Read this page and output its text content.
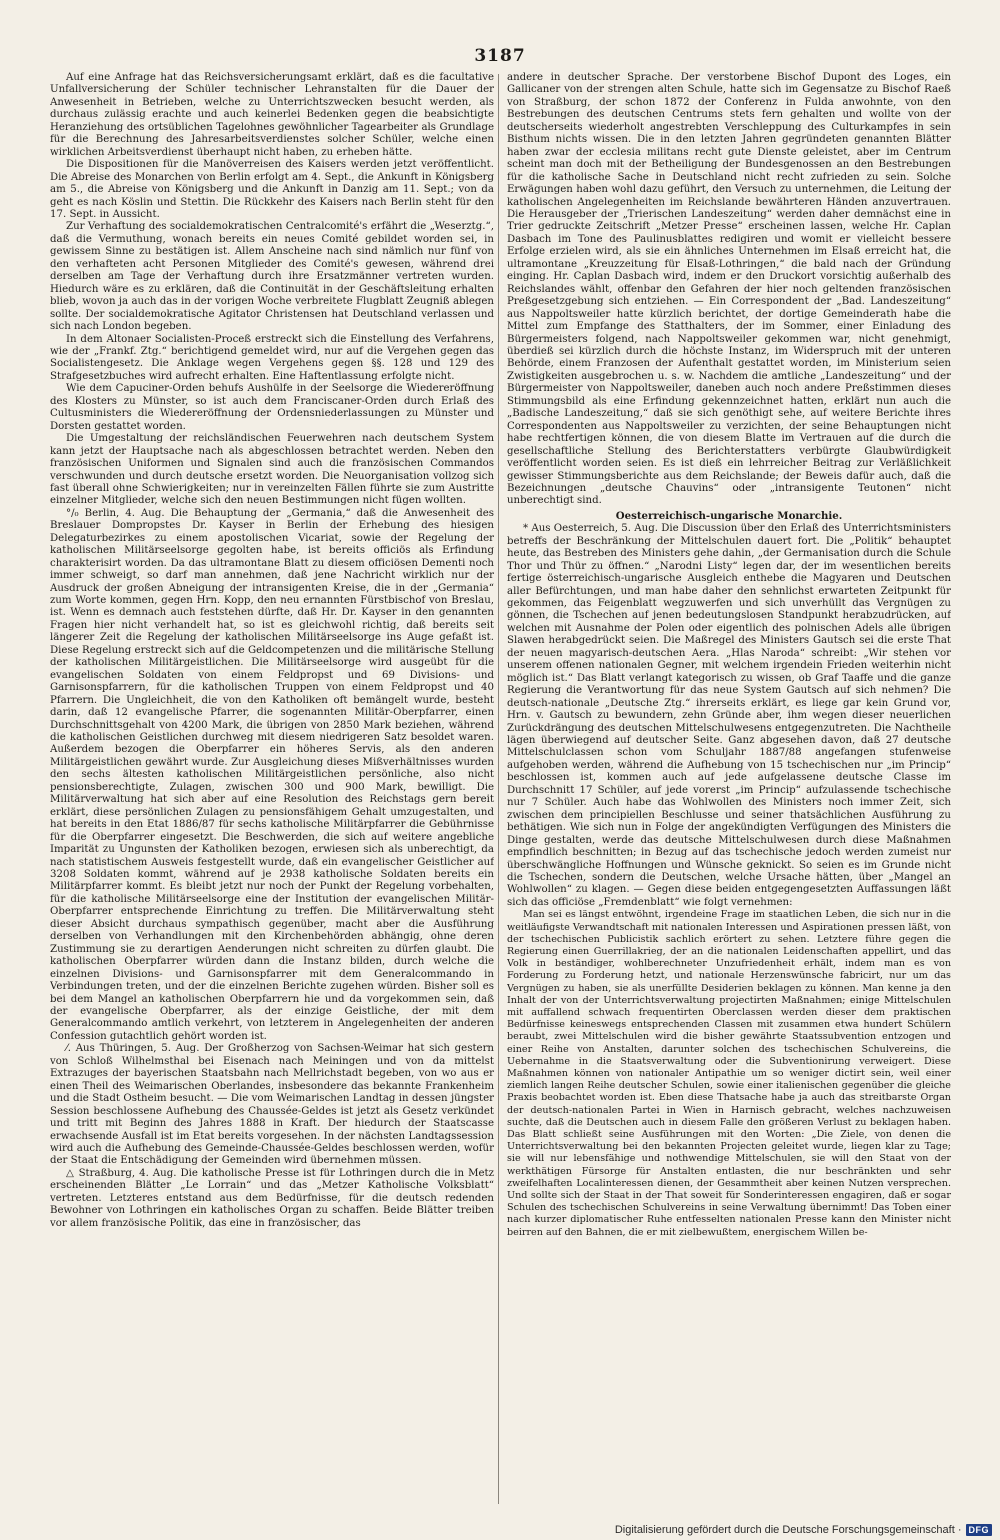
3187

Auf eine Anfrage hat das Reichsversicherungsamt erklärt, daß es die facultative Unfallversicherung der Schüler technischer Lehranstalten für die Dauer der Anwesenheit in Betrieben, welche zu Unterrichtszwecken besucht werden, als durchaus zulässig erachte und auch keinerlei Bedenken gegen die beabsichtigte Heranziehung des ortsüblichen Tagelohnes gewöhnlicher Tagearbeiter als Grundlage für die Berechnung des Jahresarbeitsverdienstes solcher Schüler, welche einen wirklichen Arbeitsverdienst überhaupt nicht haben, zu erheben hätte.

Die Dispositionen für die Manöverreisen des Kaisers werden jetzt veröffentlicht. Die Abreise des Monarchen von Berlin erfolgt am 4. Sept., die Ankunft in Königsberg am 5., die Abreise von Königsberg und die Ankunft in Danzig am 11. Sept.; von da geht es nach Köslin und Stettin. Die Rückkehr des Kaisers nach Berlin steht für den 17. Sept. in Aussicht.

Zur Verhaftung des socialdemokratischen Centralcomité's erfährt die „Weserztg.“, daß die Vermuthung, wonach bereits ein neues Comité gebildet worden sei, in gewissem Sinne zu bestätigen ist. Allem Anscheine nach sind nämlich nur fünf von den verhafteten acht Personen Mitglieder des Comité's gewesen, während drei derselben am Tage der Verhaftung durch ihre Ersatzmänner vertreten wurden. Hiedurch wäre es zu erklären, daß die Continuität in der Geschäftsleitung erhalten blieb, wovon ja auch das in der vorigen Woche verbreitete Flugblatt Zeugniß ablegen sollte. Der socialdemokratische Agitator Christensen hat Deutschland verlassen und sich nach London begeben.

In dem Altonaer Socialisten-Proceß erstreckt sich die Einstellung des Verfahrens, wie der „Frankf. Ztg.“ berichtigend gemeldet wird, nur auf die Vergehen gegen das Socialistengesetz. Die Anklage wegen Vergehens gegen §§. 128 und 129 des Strafgesetzbuches wird aufrecht erhalten. Eine Haftentlassung erfolgte nicht.

Wie dem Capuciner-Orden behufs Aushülfe in der Seelsorge die Wiedereröffnung des Klosters zu Münster, so ist auch dem Franciscaner-Orden durch Erlaß des Cultusministers die Wiedereröffnung der Ordensniederlassungen zu Münster und Dorsten gestattet worden.

Die Umgestaltung der reichsländischen Feuerwehren nach deutschem System kann jetzt der Hauptsache nach als abgeschlossen betrachtet werden. Neben den französischen Uniformen und Signalen sind auch die französischen Commandos verschwunden und durch deutsche ersetzt worden. Die Neuorganisation vollzog sich fast überall ohne Schwierigkeiten; nur in vereinzelten Fällen führte sie zum Austritte einzelner Mitglieder, welche sich den neuen Bestimmungen nicht fügen wollten.

°/₀ Berlin, 4. Aug. Die Behauptung der „Germania,“ daß die Anwesenheit des Breslauer Dompropstes Dr. Kayser in Berlin der Erhebung des hiesigen Delegaturbezirkes zu einem apostolischen Vicariat, sowie der Regelung der katholischen Militärseelsorge gegolten habe, ist bereits officiös als Erfindung charakterisirt worden. Da das ultramontane Blatt zu diesem officiösen Dementi noch immer schweigt, so darf man annehmen, daß jene Nachricht wirklich nur der Ausdruck der großen Abneigung der intransigenten Kreise, die in der „Germania“ zum Worte kommen, gegen Hrn. Kopp, den neu ernannten Fürstbischof von Breslau, ist. Wenn es demnach auch feststehen dürfte, daß Hr. Dr. Kayser in den genannten Fragen hier nicht verhandelt hat, so ist es gleichwohl richtig, daß bereits seit längerer Zeit die Regelung der katholischen Militärseelsorge ins Auge gefaßt ist. Diese Regelung erstreckt sich auf die Geldcompetenzen und die militärische Stellung der katholischen Militärgeistlichen. Die Militärseelsorge wird ausgeübt für die evangelischen Soldaten von einem Feldpropst und 69 Divisions- und Garnisonspfarrern, für die katholischen Truppen von einem Feldpropst und 40 Pfarrern. Die Ungleichheit, die von den Katholiken oft bemängelt wurde, besteht darin, daß 12 evangelische Pfarrer, die sogenannten Militär-Oberpfarrer, einen Durchschnittsgehalt von 4200 Mark, die übrigen von 2850 Mark beziehen, während die katholischen Geistlichen durchweg mit diesem niedrigeren Satz besoldet waren. Außerdem bezogen die Oberpfarrer ein höheres Servis, als den anderen Militärgeistlichen gewährt wurde. Zur Ausgleichung dieses Mißverhältnisses wurden den sechs ältesten katholischen Militärgeistlichen persönliche, also nicht pensionsberechtigte, Zulagen, zwischen 300 und 900 Mark, bewilligt. Die Militärverwaltung hat sich aber auf eine Resolution des Reichstags gern bereit erklärt, diese persönlichen Zulagen zu pensionsfähigem Gehalt umzugestalten, und hat bereits in den Etat 1886/87 für sechs katholische Militärpfarrer die Gebührnisse für die Oberpfarrer eingesetzt. Die Beschwerden, die sich auf weitere angebliche Imparität zu Ungunsten der Katholiken bezogen, erwiesen sich als unberechtigt, da nach statistischem Ausweis festgestellt wurde, daß ein evangelischer Geistlicher auf 3208 Soldaten kommt, während auf je 2938 katholische Soldaten bereits ein Militärpfarrer kommt. Es bleibt jetzt nur noch der Punkt der Regelung vorbehalten, für die katholische Militärseelsorge eine der Institution der evangelischen Militär-Oberpfarrer entsprechende Einrichtung zu treffen. Die Militärverwaltung steht dieser Absicht durchaus sympathisch gegenüber, macht aber die Ausführung derselben von Verhandlungen mit den Kirchenbehörden abhängig, ohne deren Zustimmung sie zu derartigen Aenderungen nicht schreiten zu dürfen glaubt. Die katholischen Oberpfarrer würden dann die Instanz bilden, durch welche die einzelnen Divisions- und Garnisonspfarrer mit dem Generalcommando in Verbindungen treten, und der die einzelnen Berichte zugehen würden. Bisher soll es bei dem Mangel an katholischen Oberpfarrern hie und da vorgekommen sein, daß der evangelische Oberpfarrer, als der einzige Geistliche, der mit dem Generalcommando amtlich verkehrt, von letzterem in Angelegenheiten der anderen Confession gutachtlich gehört worden ist.

⁄. Aus Thüringen, 5. Aug. Der Großherzog von Sachsen-Weimar hat sich gestern von Schloß Wilhelmsthal bei Eisenach nach Meiningen und von da mittelst Extrazuges der bayerischen Staatsbahn nach Mellrichstadt begeben, von wo aus er einen Theil des Weimarischen Oberlandes, insbesondere das bekannte Frankenheim und die Stadt Ostheim besucht. — Die vom Weimarischen Landtag in dessen jüngster Session beschlossene Aufhebung des Chaussée-Geldes ist jetzt als Gesetz verkündet und tritt mit Beginn des Jahres 1888 in Kraft. Der hiedurch der Staatscasse erwachsende Ausfall ist im Etat bereits vorgesehen. In der nächsten Landtagssession wird auch die Aufhebung des Gemeinde-Chaussée-Geldes beschlossen werden, wofür der Staat die Entschädigung der Gemeinden wird übernehmen müssen.

△ Straßburg, 4. Aug. Die katholische Presse ist für Lothringen durch die in Metz erscheinenden Blätter „Le Lorrain“ und das „Metzer Katholische Volksblatt“ vertreten. Letzteres entstand aus dem Bedürfnisse, für die deutsch redenden Bewohner von Lothringen ein katholisches Organ zu schaffen. Beide Blätter treiben vor allem französische Politik, das eine in französischer, das

andere in deutscher Sprache. Der verstorbene Bischof Dupont des Loges, ein Gallicaner von der strengen alten Schule, hatte sich im Gegensatze zu Bischof Raeß von Straßburg, der schon 1872 der Conferenz in Fulda anwohnte, von den Bestrebungen des deutschen Centrums stets fern gehalten und wollte von der deutscherseits wiederholt angestrebten Verschleppung des Culturkampfes in sein Bisthum nichts wissen. Die in den letzten Jahren gegründeten genannten Blätter haben zwar der ecclesia militans recht gute Dienste geleistet, aber im Centrum scheint man doch mit der Betheiligung der Bundesgenossen an den Bestrebungen für die katholische Sache in Deutschland nicht recht zufrieden zu sein. Solche Erwägungen haben wohl dazu geführt, den Versuch zu unternehmen, die Leitung der katholischen Angelegenheiten im Reichslande bewährteren Händen anzuvertrauen. Die Herausgeber der „Trierischen Landeszeitung“ werden daher demnächst eine in Trier gedruckte Zeitschrift „Metzer Presse“ erscheinen lassen, welche Hr. Caplan Dasbach im Tone des Paulinusblattes redigiren und womit er vielleicht bessere Erfolge erzielen wird, als sie ein ähnliches Unternehmen im Elsaß erreicht hat, die ultramontane „Kreuzzeitung für Elsaß-Lothringen,“ die bald nach der Gründung einging. Hr. Caplan Dasbach wird, indem er den Druckort vorsichtig außerhalb des Reichslandes wählt, offenbar den Gefahren der hier noch geltenden französischen Preßgesetzgebung sich entziehen. — Ein Correspondent der „Bad. Landeszeitung“ aus Nappoltsweiler hatte kürzlich berichtet, der dortige Gemeinderath habe die Mittel zum Empfange des Statthalters, der im Sommer, einer Einladung des Bürgermeisters folgend, nach Nappoltsweiler gekommen war, nicht genehmigt, überdieß sei kürzlich durch die höchste Instanz, im Widerspruch mit der unteren Behörde, einem Franzosen der Aufenthalt gestattet worden, im Ministerium seien Zwistigkeiten ausgebrochen u. s. w. Nachdem die amtliche „Landeszeitung“ und der Bürgermeister von Nappoltsweiler, daneben auch noch andere Preßstimmen dieses Stimmungsbild als eine Erfindung gekennzeichnet hatten, erklärt nun auch die „Badische Landeszeitung,“ daß sie sich genöthigt sehe, auf weitere Berichte ihres Correspondenten aus Nappoltsweiler zu verzichten, der seine Behauptungen nicht habe rechtfertigen können, die von diesem Blatte im Vertrauen auf die durch die gesellschaftliche Stellung des Berichterstatters verbürgte Glaubwürdigkeit veröffentlicht worden seien. Es ist dieß ein lehrreicher Beitrag zur Verläßlichkeit gewisser Stimmungsberichte aus dem Reichslande; der Beweis dafür auch, daß die Bezeichnungen „deutsche Chauvins“ oder „intransigente Teutonen“ nicht unberechtigt sind.

Oesterreichisch-ungarische Monarchie.

* Aus Oesterreich, 5. Aug. Die Discussion über den Erlaß des Unterrichtsministers betreffs der Beschränkung der Mittelschulen dauert fort. Die „Politik“ behauptet heute, das Bestreben des Ministers gehe dahin, „der Germanisation durch die Schule Thor und Thür zu öffnen.“ „Narodni Listy“ legen dar, der im wesentlichen bereits fertige österreichisch-ungarische Ausgleich enthebe die Magyaren und Deutschen aller Befürchtungen, und man habe daher den sehnlichst erwarteten Zeitpunkt für gekommen, das Feigenblatt wegzuwerfen und sich unverhüllt das Vergnügen zu gönnen, die Tschechen auf jenen bedeutungslosen Standpunkt herabzudrücken, auf welchen mit Ausnahme der Polen oder eigentlich des polnischen Adels alle übrigen Slawen herabgedrückt seien. Die Maßregel des Ministers Gautsch sei die erste That der neuen magyarisch-deutschen Aera. „Hlas Naroda“ schreibt: „Wir stehen vor unserem offenen nationalen Gegner, mit welchem irgendein Frieden weiterhin nicht möglich ist.“ Das Blatt verlangt kategorisch zu wissen, ob Graf Taaffe und die ganze Regierung die Verantwortung für das neue System Gautsch auf sich nehmen? Die deutsch-nationale „Deutsche Ztg.“ ihrerseits erklärt, es liege gar kein Grund vor, Hrn. v. Gautsch zu bewundern, zehn Gründe aber, ihm wegen dieser neuerlichen Zurückdrängung des deutschen Mittelschulwesens entgegenzutreten. Die Nachtheile lägen überwiegend auf deutscher Seite. Ganz abgesehen davon, daß 27 deutsche Mittelschulclassen schon vom Schuljahr 1887/88 angefangen stufenweise aufgehoben werden, während die Aufhebung von 15 tschechischen nur „im Princip“ beschlossen ist, kommen auch auf jede aufgelassene deutsche Classe im Durchschnitt 17 Schüler, auf jede vorerst „im Princip“ aufzulassende tschechische nur 7 Schüler. Auch habe das Wohlwollen des Ministers noch immer Zeit, sich zwischen dem principiellen Beschlusse und seiner thatsächlichen Ausführung zu bethätigen. Wie sich nun in Folge der angekündigten Verfügungen des Ministers die Dinge gestalten, werde das deutsche Mittelschulwesen durch diese Maßnahmen empfindlich beschnitten; in Bezug auf das tschechische jedoch werden zumeist nur überschwängliche Hoffnungen und Wünsche geknickt. So seien es im Grunde nicht die Tschechen, sondern die Deutschen, welche Ursache hätten, über „Mangel an Wohlwollen“ zu klagen. — Gegen diese beiden entgegengesetzten Auffassungen läßt sich das officiöse „Fremdenblatt“ wie folgt vernehmen:

Man sei es längst entwöhnt, irgendeine Frage im staatlichen Leben, die sich nur in die weitläufigste Verwandtschaft mit nationalen Interessen und Aspirationen pressen läßt, von der tschechischen Publicistik sachlich erörtert zu sehen. Letztere führe gegen die Regierung einen Guerrillakrieg, der an die nationalen Leidenschaften appellirt, und das Volk in beständiger, wohlberechneter Unzufriedenheit erhält, indem man es von Forderung zu Forderung hetzt, und nationale Herzenswünsche fabricirt, nur um das Vergnügen zu haben, sie als unerfüllte Desiderien beklagen zu können. Man kenne ja den Inhalt der von der Unterrichtsverwaltung projectirten Maßnahmen; einige Mittelschulen mit auffallend schwach frequentirten Oberclassen werden dieser dem praktischen Bedürfnisse keineswegs entsprechenden Classen mit zusammen etwa hundert Schülern beraubt, zwei Mittelschulen wird die bisher gewährte Staatssubvention entzogen und einer Reihe von Anstalten, darunter solchen des tschechischen Schulvereins, die Uebernahme in die Staatsverwaltung oder die Subventionirung verweigert. Diese Maßnahmen können von nationaler Antipathie um so weniger dictirt sein, weil einer ziemlich langen Reihe deutscher Schulen, sowie einer italienischen gegenüber die gleiche Praxis beobachtet worden ist. Eben diese Thatsache habe ja auch das streitbarste Organ der deutsch-nationalen Partei in Wien in Harnisch gebracht, welches nachzuweisen suchte, daß die Deutschen auch in diesem Falle den größeren Verlust zu beklagen haben. Das Blatt schließt seine Ausführungen mit den Worten: „Die Ziele, von denen die Unterrichtsverwaltung bei den bekannten Projecten geleitet wurde, liegen klar zu Tage; sie will nur lebensfähige und nothwendige Mittelschulen, sie will den Staat von der werkthätigen Fürsorge für Anstalten entlasten, die nur beschränkten und sehr zweifelhaften Localinteressen dienen, der Gesammtheit aber keinen Nutzen versprechen. Und sollte sich der Staat in der That soweit für Sonderinteressen engagiren, daß er sogar Schulen des tschechischen Schulvereins in seine Verwaltung übernimmt! Das Toben einer nach kurzer diplomatischer Ruhe entfesselten nationalen Presse kann den Minister nicht beirren auf den Bahnen, die er mit zielbewußtem, energischem Willen be-

Digitalisierung gefördert durch die Deutsche Forschungsgemeinschaft · DFG
